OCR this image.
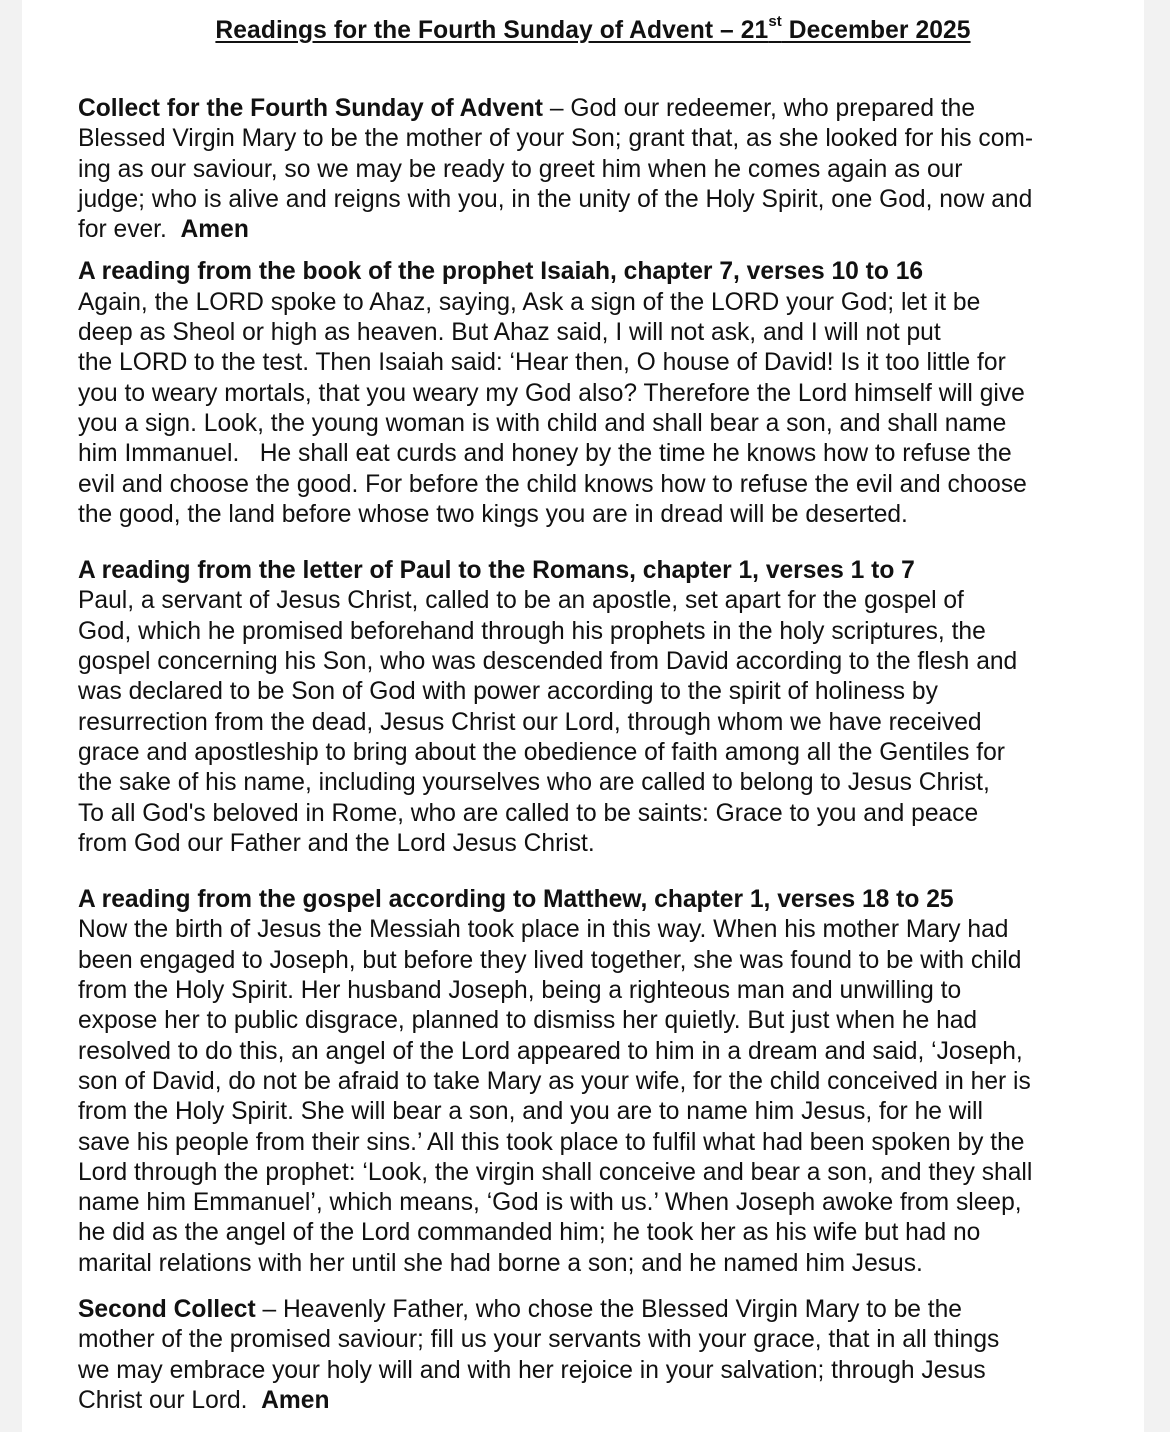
Readings for the Fourth Sunday of Advent – 21st December 2025

Collect for the Fourth Sunday of Advent – God our redeemer, who prepared the
Blessed Virgin Mary to be the mother of your Son; grant that, as she looked for his com-
ing as our saviour, so we may be ready to greet him when he comes again as our
judge; who is alive and reigns with you, in the unity of the Holy Spirit, one God, now and
for ever.  Amen

A reading from the book of the prophet Isaiah, chapter 7, verses 10 to 16
Again, the LORD spoke to Ahaz, saying, Ask a sign of the LORD your God; let it be
deep as Sheol or high as heaven. But Ahaz said, I will not ask, and I will not put
the LORD to the test. Then Isaiah said: ‘Hear then, O house of David! Is it too little for
you to weary mortals, that you weary my God also? Therefore the Lord himself will give
you a sign. Look, the young woman is with child and shall bear a son, and shall name
him Immanuel.   He shall eat curds and honey by the time he knows how to refuse the
evil and choose the good. For before the child knows how to refuse the evil and choose
the good, the land before whose two kings you are in dread will be deserted.

A reading from the letter of Paul to the Romans, chapter 1, verses 1 to 7
Paul, a servant of Jesus Christ, called to be an apostle, set apart for the gospel of
God, which he promised beforehand through his prophets in the holy scriptures, the
gospel concerning his Son, who was descended from David according to the flesh and
was declared to be Son of God with power according to the spirit of holiness by
resurrection from the dead, Jesus Christ our Lord, through whom we have received
grace and apostleship to bring about the obedience of faith among all the Gentiles for
the sake of his name, including yourselves who are called to belong to Jesus Christ,
To all God's beloved in Rome, who are called to be saints: Grace to you and peace
from God our Father and the Lord Jesus Christ.

A reading from the gospel according to Matthew, chapter 1, verses 18 to 25
Now the birth of Jesus the Messiah took place in this way. When his mother Mary had
been engaged to Joseph, but before they lived together, she was found to be with child
from the Holy Spirit. Her husband Joseph, being a righteous man and unwilling to
expose her to public disgrace, planned to dismiss her quietly. But just when he had
resolved to do this, an angel of the Lord appeared to him in a dream and said, ‘Joseph,
son of David, do not be afraid to take Mary as your wife, for the child conceived in her is
from the Holy Spirit. She will bear a son, and you are to name him Jesus, for he will
save his people from their sins.’ All this took place to fulfil what had been spoken by the
Lord through the prophet: ‘Look, the virgin shall conceive and bear a son, and they shall
name him Emmanuel’, which means, ‘God is with us.’ When Joseph awoke from sleep,
he did as the angel of the Lord commanded him; he took her as his wife but had no
marital relations with her until she had borne a son; and he named him Jesus.

Second Collect – Heavenly Father, who chose the Blessed Virgin Mary to be the
mother of the promised saviour; fill us your servants with your grace, that in all things
we may embrace your holy will and with her rejoice in your salvation; through Jesus
Christ our Lord.  Amen
